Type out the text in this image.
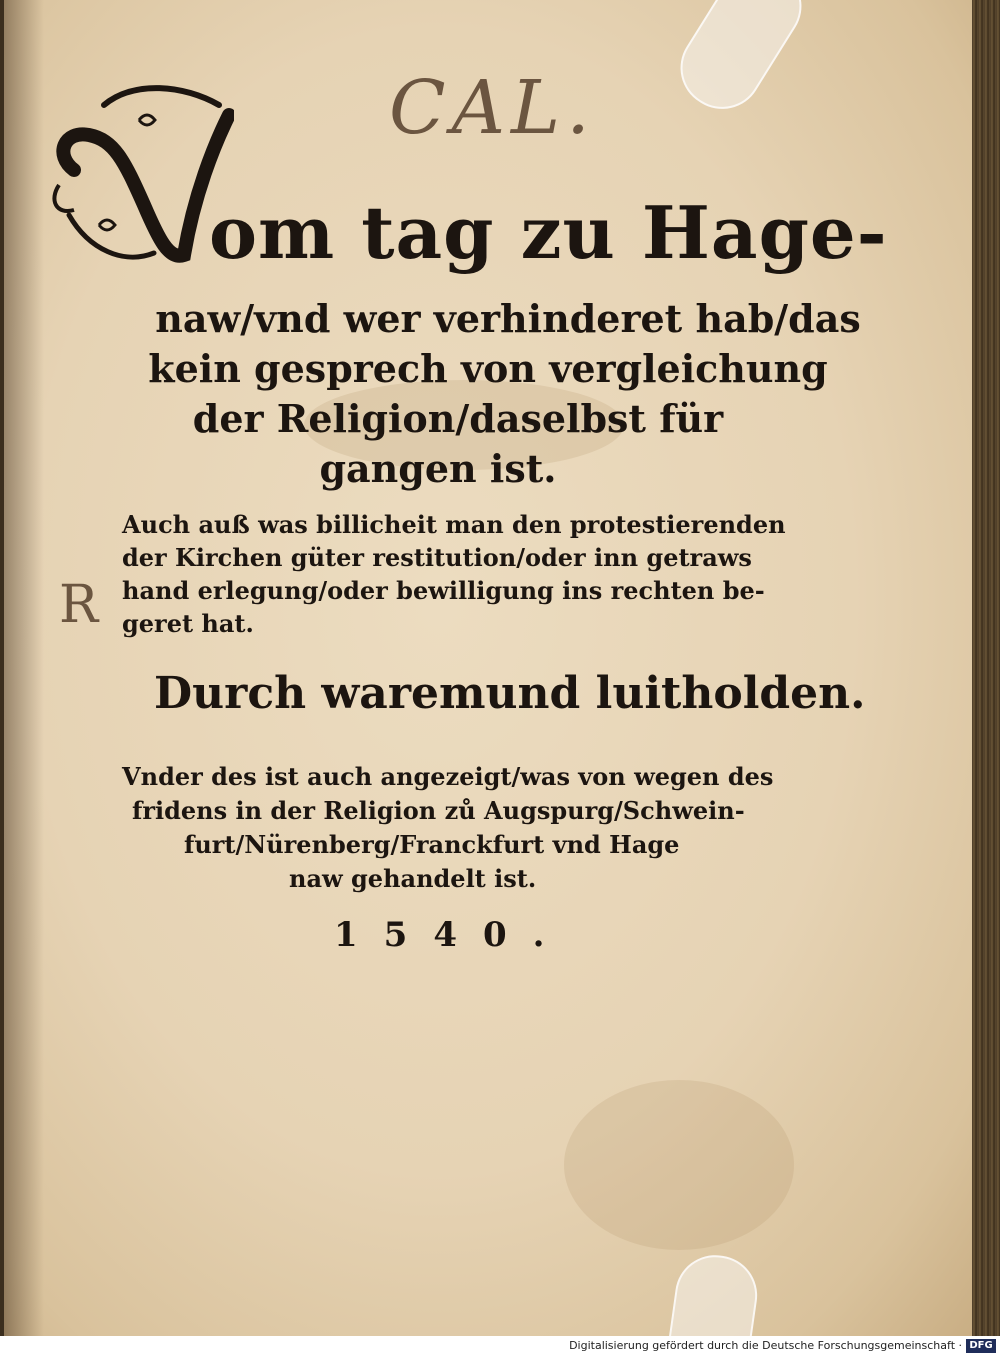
CAL.
V
om tag zu Hage-
naw/vnd wer verhinderet hab/das
kein gesprech von vergleichung
der Religion/daselbst für
gangen ist.
R
Auch auß was billicheit man den protestierenden
der Kirchen güter restitution/oder inn getraws
hand erlegung/oder bewilligung ins rechten be-
geret hat.
Durch waremund luitholden.
Vnder des ist auch angezeigt/was von wegen des
fridens in der Religion zů Augspurg/Schwein-
furt/Nürenberg/Franckfurt vnd Hage
naw gehandelt ist.
1540.
Digitalisierung gefördert durch die Deutsche Forschungsgemeinschaft · DFG
